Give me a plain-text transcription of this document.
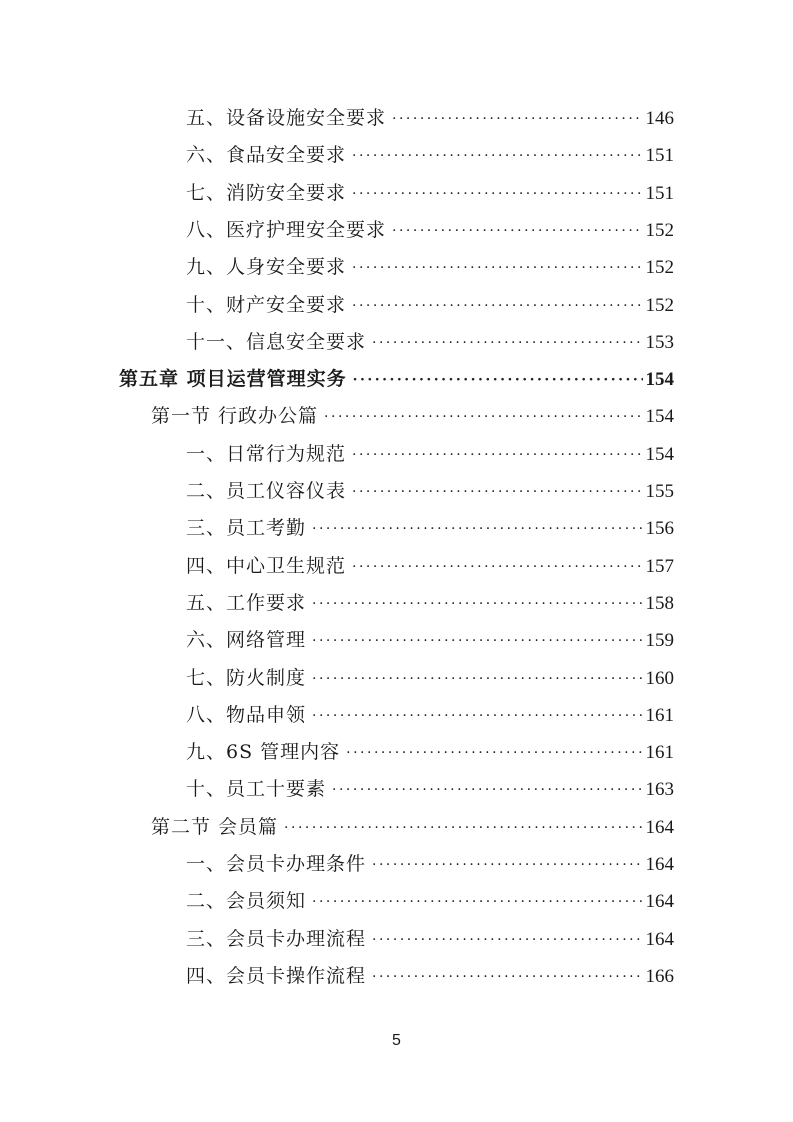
五、设备设施安全要求 ·····	146
六、食品安全要求 ·····	151
七、消防安全要求 ·····	151
八、医疗护理安全要求 ·····	152
九、人身安全要求 ·····	152
十、财产安全要求 ·····	152
十一、信息安全要求 ·····	153
第五章 项目运营管理实务 ·····	154
第一节 行政办公篇 ·····	154
一、日常行为规范 ·····	154
二、员工仪容仪表 ·····	155
三、员工考勤 ·····	156
四、中心卫生规范 ·····	157
五、工作要求 ·····	158
六、网络管理 ·····	159
七、防火制度 ·····	160
八、物品申领 ·····	161
九、6S 管理内容 ·····	161
十、员工十要素 ·····	163
第二节 会员篇 ·····	164
一、会员卡办理条件 ·····	164
二、会员须知 ·····	164
三、会员卡办理流程 ·····	164
四、会员卡操作流程 ·····	166
5
